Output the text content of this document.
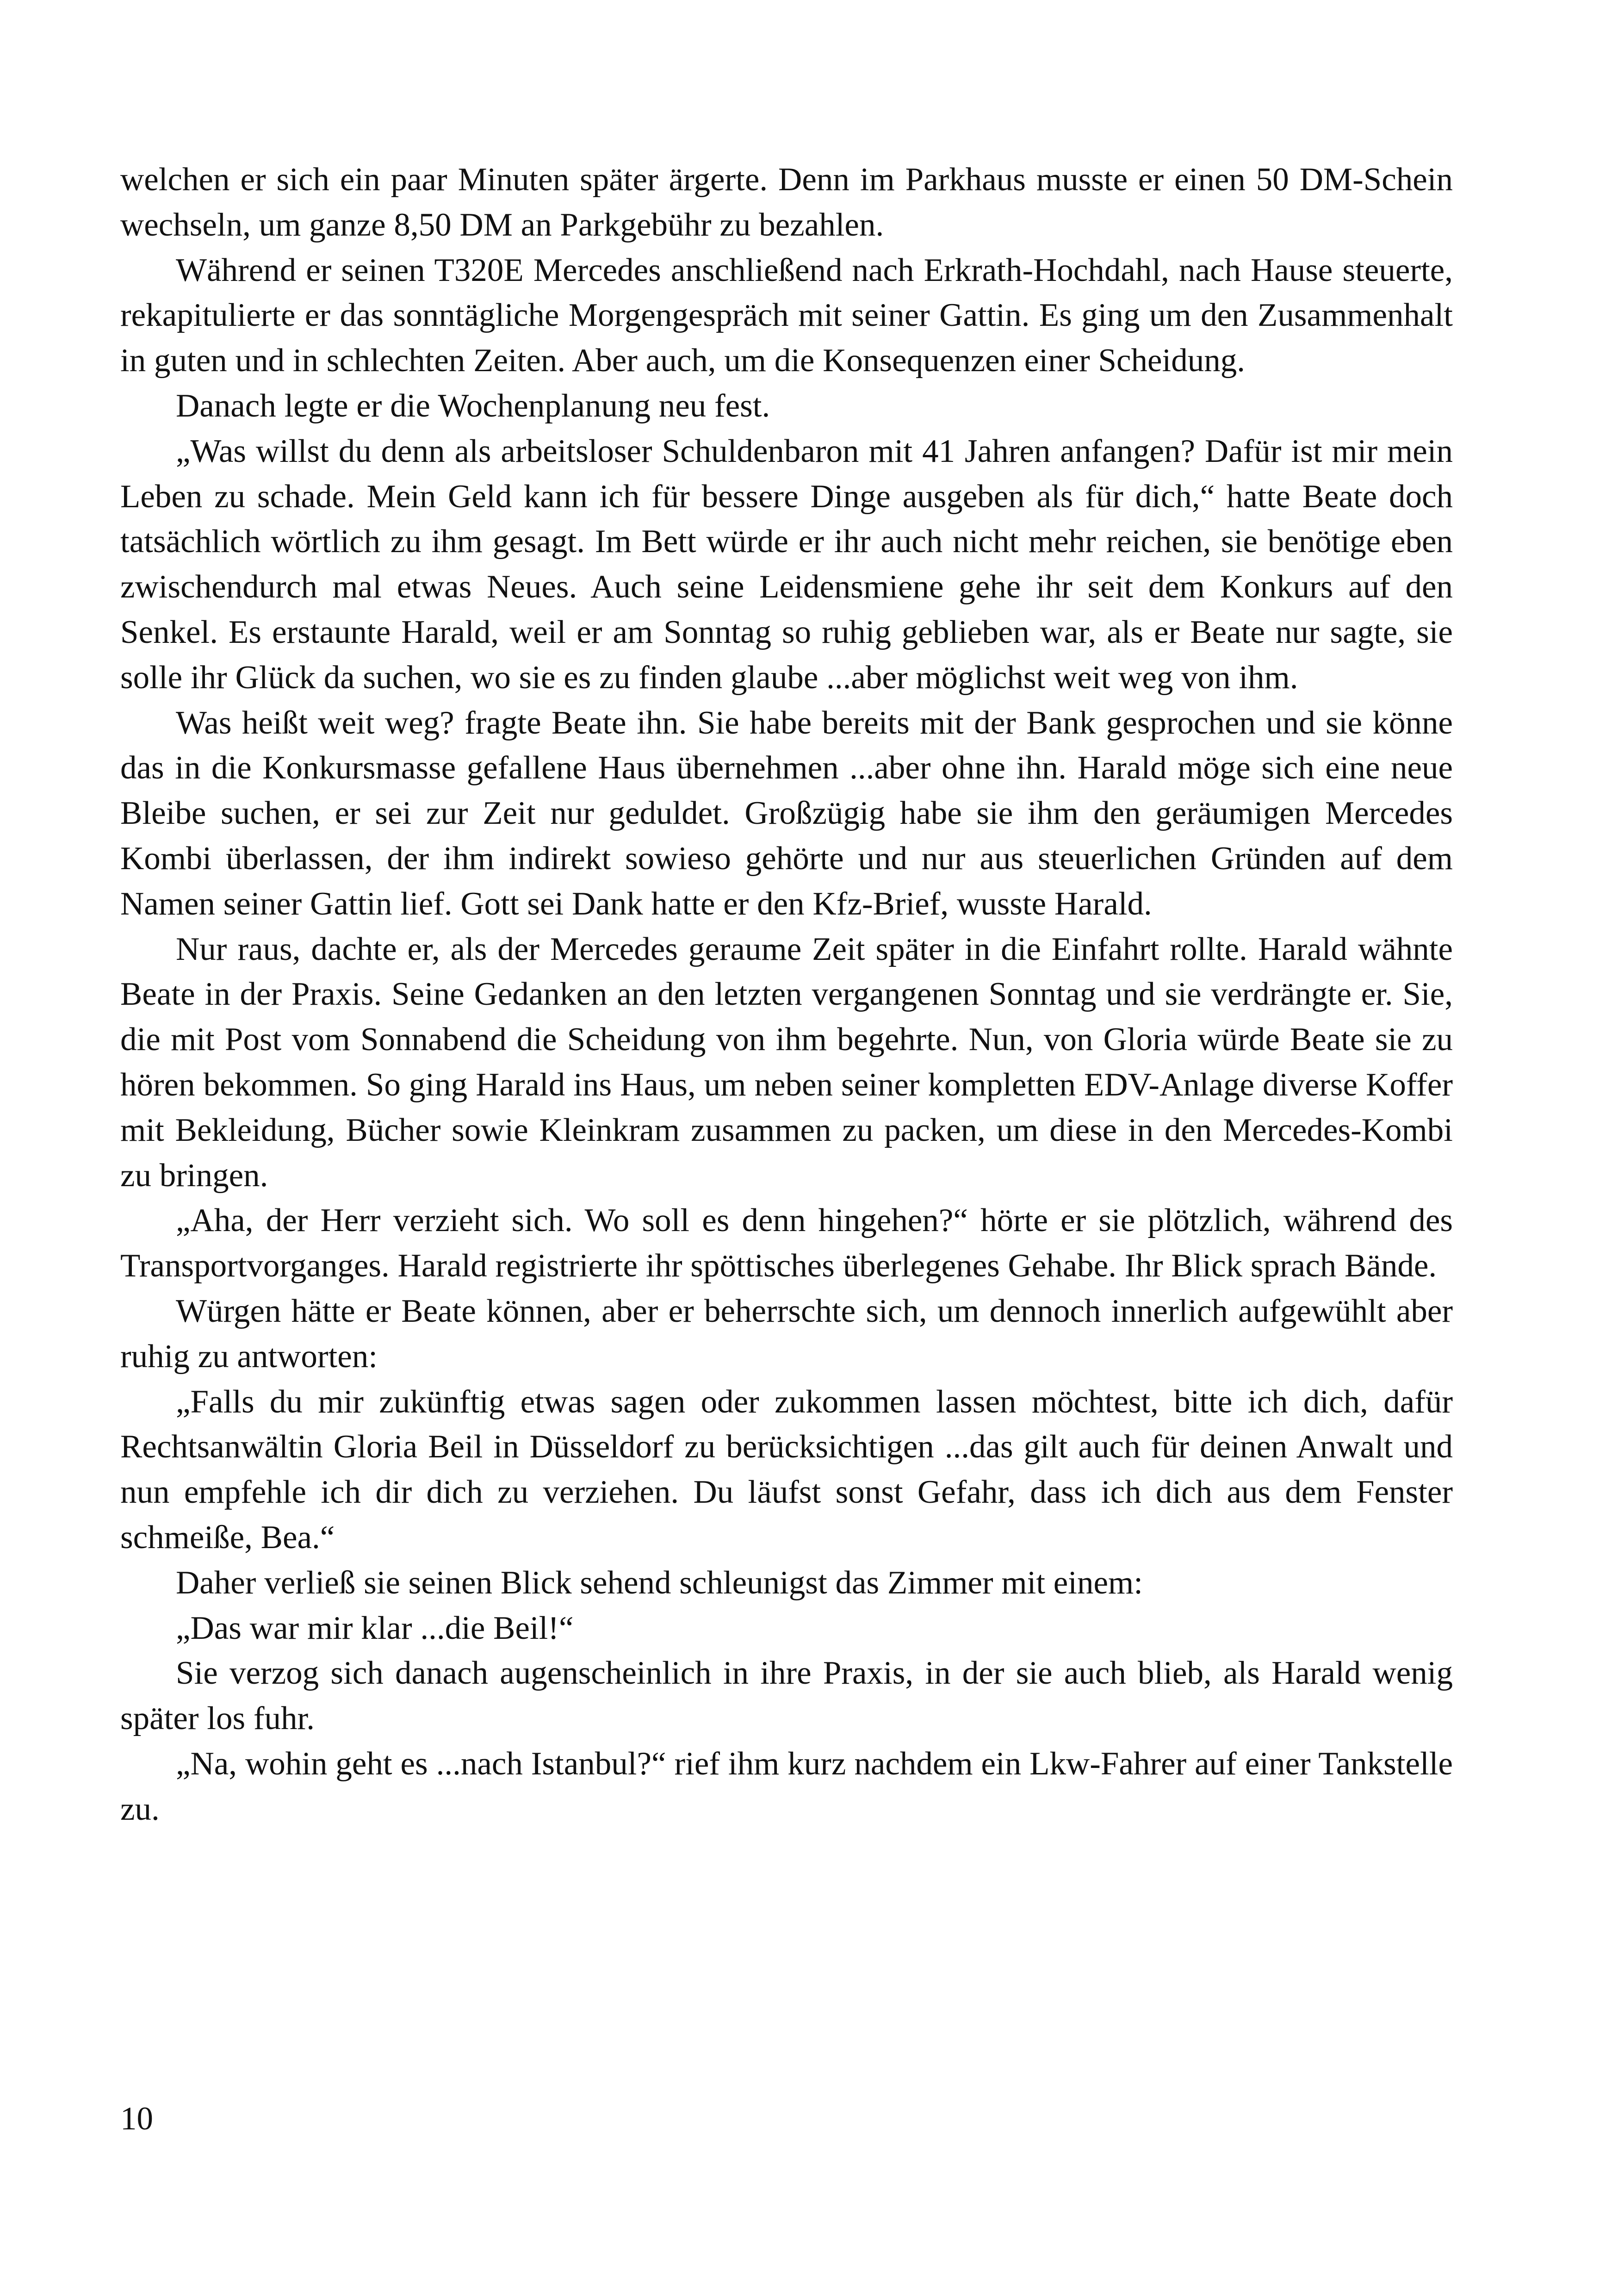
welchen er sich ein paar Minuten später ärgerte. Denn im Parkhaus musste er einen 50 DM-Schein wechseln, um ganze 8,50 DM an Parkgebühr zu bezahlen.

Während er seinen T320E Mercedes anschließend nach Erkrath-Hochdahl, nach Hause steuerte, rekapitulierte er das sonntägliche Morgengespräch mit seiner Gattin. Es ging um den Zusammenhalt in guten und in schlechten Zeiten. Aber auch, um die Konsequenzen einer Scheidung.

Danach legte er die Wochenplanung neu fest.

„Was willst du denn als arbeitsloser Schuldenbaron mit 41 Jahren anfangen? Dafür ist mir mein Leben zu schade. Mein Geld kann ich für bessere Dinge ausgeben als für dich,“ hatte Beate doch tatsächlich wörtlich zu ihm gesagt. Im Bett würde er ihr auch nicht mehr reichen, sie benötige eben zwischendurch mal etwas Neues. Auch seine Leidensmiene gehe ihr seit dem Konkurs auf den Senkel. Es erstaunte Harald, weil er am Sonntag so ruhig geblieben war, als er Beate nur sagte, sie solle ihr Glück da suchen, wo sie es zu finden glaube ...aber möglichst weit weg von ihm.

Was heißt weit weg? fragte Beate ihn. Sie habe bereits mit der Bank gesprochen und sie könne das in die Konkursmasse gefallene Haus übernehmen ...aber ohne ihn. Harald möge sich eine neue Bleibe suchen, er sei zur Zeit nur geduldet. Großzügig habe sie ihm den geräumigen Mercedes Kombi überlassen, der ihm indirekt sowieso gehörte und nur aus steuerlichen Gründen auf dem Namen seiner Gattin lief. Gott sei Dank hatte er den Kfz-Brief, wusste Harald.

Nur raus, dachte er, als der Mercedes geraume Zeit später in die Einfahrt rollte. Harald wähnte Beate in der Praxis. Seine Gedanken an den letzten vergangenen Sonntag und sie verdrängte er. Sie, die mit Post vom Sonnabend die Scheidung von ihm begehrte. Nun, von Gloria würde Beate sie zu hören bekommen. So ging Harald ins Haus, um neben seiner kompletten EDV-Anlage diverse Koffer mit Bekleidung, Bücher sowie Kleinkram zusammen zu packen, um diese in den Mercedes-Kombi zu bringen.

„Aha, der Herr verzieht sich. Wo soll es denn hingehen?“ hörte er sie plötzlich, während des Transportvorganges. Harald registrierte ihr spöttisches überlegenes Gehabe. Ihr Blick sprach Bände.

Würgen hätte er Beate können, aber er beherrschte sich, um dennoch innerlich aufgewühlt aber ruhig zu antworten:

„Falls du mir zukünftig etwas sagen oder zukommen lassen möchtest, bitte ich dich, dafür Rechtsanwältin Gloria Beil in Düsseldorf zu berücksichtigen ...das gilt auch für deinen Anwalt und nun empfehle ich dir dich zu verziehen. Du läufst sonst Gefahr, dass ich dich aus dem Fenster schmeiße, Bea.“

Daher verließ sie seinen Blick sehend schleunigst das Zimmer mit einem:

„Das war mir klar ...die Beil!“

Sie verzog sich danach augenscheinlich in ihre Praxis, in der sie auch blieb, als Harald wenig später los fuhr.

„Na, wohin geht es ...nach Istanbul?“ rief ihm kurz nachdem ein Lkw-Fahrer auf einer Tankstelle zu.

10
